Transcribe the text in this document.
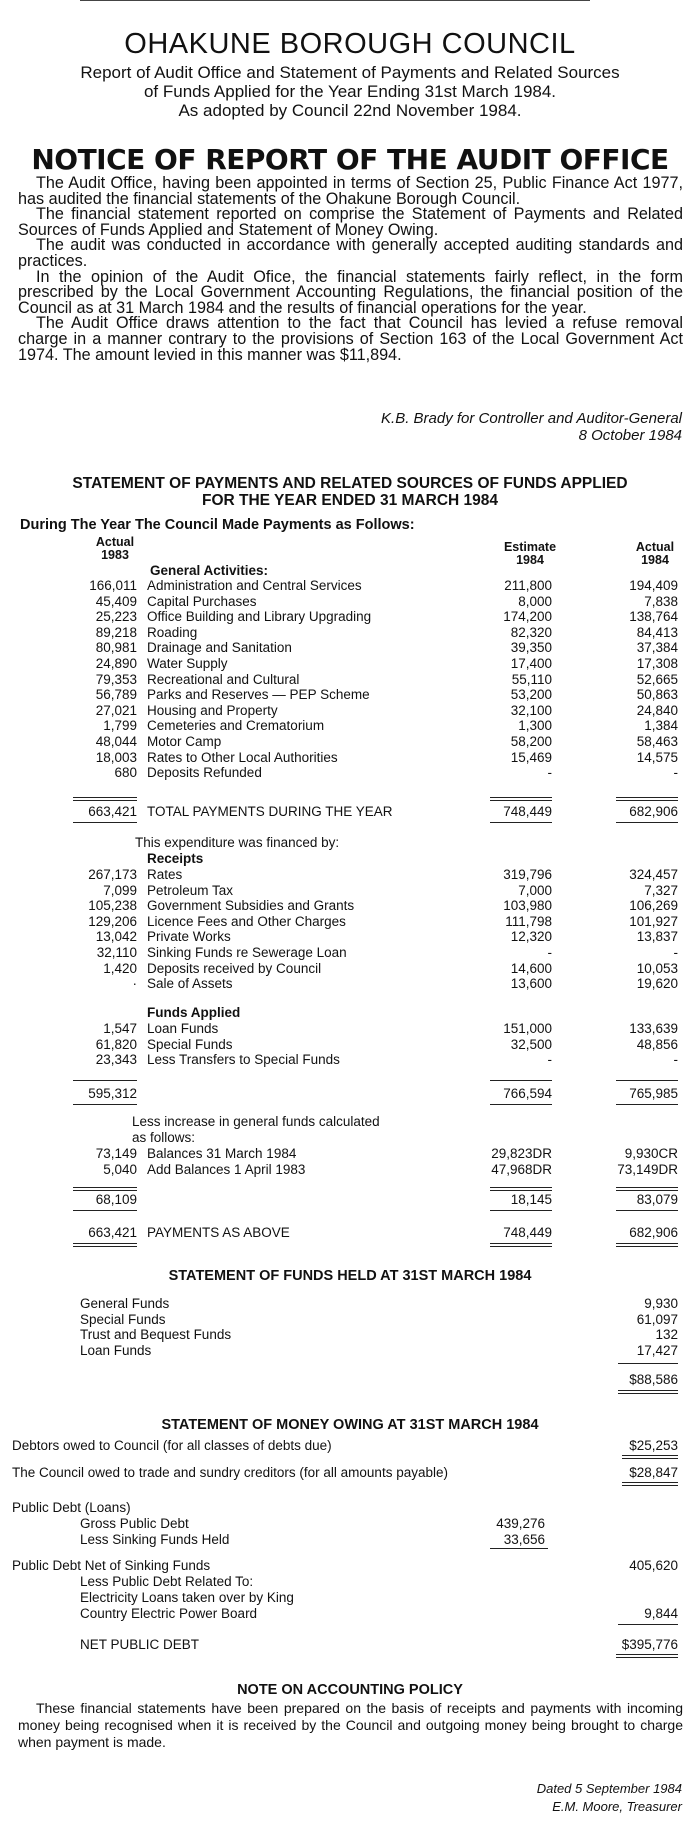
OHAKUNE BOROUGH COUNCIL
Report of Audit Office and Statement of Payments and Related Sources
of Funds Applied for the Year Ending 31st March 1984.
As adopted by Council 22nd November 1984.
NOTICE OF REPORT OF THE AUDIT OFFICE

The Audit Office, having been appointed in terms of Section 25, Public Finance Act 1977, has audited the financial statements of the Ohakune Borough Council.

The financial statement reported on comprise the Statement of Payments and Related Sources of Funds Applied and Statement of Money Owing.

The audit was conducted in accordance with generally accepted auditing standards and practices.

In the opinion of the Audit Ofice, the financial statements fairly reflect, in the form prescribed by the Local Government Accounting Regulations, the financial position of the Council as at 31 March 1984 and the results of financial operations for the year.

The Audit Office draws attention to the fact that Council has levied a refuse removal charge in a manner contrary to the provisions of Section 163 of the Local Government Act 1974. The amount levied in this manner was $11,894.

K.B. Brady for Controller and Auditor-General
8 October 1984
STATEMENT OF PAYMENTS AND RELATED SOURCES OF FUNDS APPLIED
FOR THE YEAR ENDED 31 MARCH 1984
During The Year The Council Made Payments as Follows:
Actual
1983
Estimate
1984
Actual
1984
General Activities:
166,011 Administration and Central Services	211,800	194,409
45,409 Capital Purchases	8,000	7,838
25,223 Office Building and Library Upgrading	174,200	138,764
89,218 Roading	82,320	84,413
80,981 Drainage and Sanitation	39,350	37,384
24,890 Water Supply	17,400	17,308
79,353 Recreational and Cultural	55,110	52,665
56,789 Parks and Reserves — PEP Scheme	53,200	50,863
27,021 Housing and Property	32,100	24,840
1,799 Cemeteries and Crematorium	1,300	1,384
48,044 Motor Camp	58,200	58,463
18,003 Rates to Other Local Authorities	15,469	14,575
680 Deposits Refunded	-	-
663,421 TOTAL PAYMENTS DURING THE YEAR	748,449	682,906
This expenditure was financed by:
Receipts
267,173 Rates	319,796	324,457
7,099 Petroleum Tax	7,000	7,327
105,238 Government Subsidies and Grants	103,980	106,269
129,206 Licence Fees and Other Charges	111,798	101,927
13,042 Private Works	12,320	13,837
32,110 Sinking Funds re Sewerage Loan	-	-
1,420 Deposits received by Council	14,600	10,053
· Sale of Assets	13,600	19,620
Funds Applied
1,547 Loan Funds	151,000	133,639
61,820 Special Funds	32,500	48,856
23,343 Less Transfers to Special Funds	-	-
595,312	766,594	765,985
Less increase in general funds calculated
as follows:
73,149 Balances 31 March 1984	29,823DR	9,930CR
5,040 Add Balances 1 April 1983	47,968DR	73,149DR
68,109	18,145	83,079
663,421 PAYMENTS AS ABOVE	748,449	682,906
STATEMENT OF FUNDS HELD AT 31ST MARCH 1984
General Funds	9,930
Special Funds	61,097
Trust and Bequest Funds	132
Loan Funds	17,427
$88,586
STATEMENT OF MONEY OWING AT 31ST MARCH 1984
Debtors owed to Council (for all classes of debts due)	$25,253
The Council owed to trade and sundry creditors (for all amounts payable)	$28,847
Public Debt (Loans)
Gross Public Debt	439,276
Less Sinking Funds Held	33,656
Public Debt Net of Sinking Funds	405,620
Less Public Debt Related To:
Electricity Loans taken over by King
Country Electric Power Board	9,844
NET PUBLIC DEBT	$395,776
NOTE ON ACCOUNTING POLICY

These financial statements have been prepared on the basis of receipts and payments with incoming money being recognised when it is received by the Council and outgoing money being brought to charge when payment is made.

Dated 5 September 1984
E.M. Moore, Treasurer
